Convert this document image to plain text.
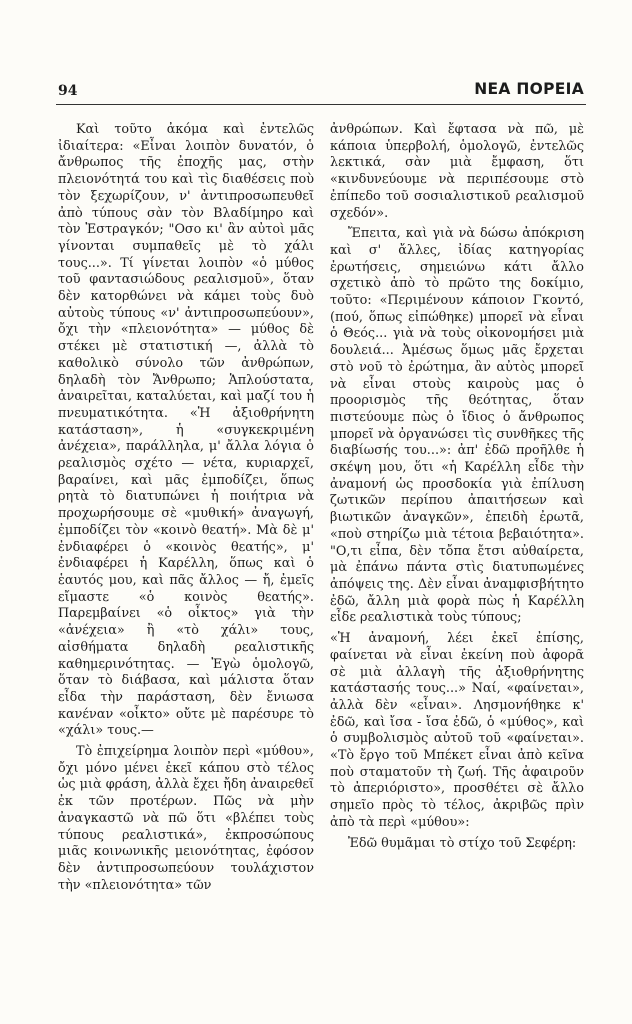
94	ΝΕΑ ΠΟΡΕΙΑ

Καὶ τοῦτο ἀκόμα καὶ ἐντελῶς ἰδιαίτερα: «Εἶναι λοιπὸν δυνατόν, ὁ ἄνθρωπος τῆς ἐποχῆς μας, στὴν πλειονότητά του καὶ τὶς διαθέσεις ποὺ τὸν ξεχωρίζουν, ν' ἀντιπροσωπευθεῖ ἀπὸ τύπους σὰν τὸν Βλαδίμηρο καὶ τὸν Ἐστραγκόν; "Οσο κι' ἂν αὐτοὶ μᾶς γίνονται συμπαθεῖς μὲ τὸ χάλι τους...». Τί γίνεται λοιπὸν «ὁ μύθος τοῦ φαντασιώδους ρεαλισμοῦ», ὅταν δὲν κατορθώνει νὰ κάμει τοὺς δυὸ αὐτοὺς τύπους «ν' ἀντιπροσωπεύουν», ὄχι τὴν «πλειονότητα» — μύθος δὲ στέκει μὲ στατιστική —, ἀλλὰ τὸ καθολικὸ σύνολο τῶν ἀνθρώπων, δηλαδὴ τὸν Ἄνθρωπο; Ἁπλούστατα, ἀναιρεῖται, καταλύεται, καὶ μαζί του ἡ πνευματικότητα. «Ἡ ἀξιοθρήνητη κατάσταση», ἡ «συγκεκριμένη ἀνέχεια», παράλληλα, μ' ἄλλα λόγια ὁ ρεαλισμὸς σχέτο — νέτα, κυριαρχεῖ, βαραίνει, καὶ μᾶς ἐμποδίζει, ὅπως ρητὰ τὸ διατυπώνει ἡ ποιήτρια νὰ προχωρήσουμε σὲ «μυθική» ἀναγωγή, ἐμποδίζει τὸν «κοινὸ θεατή». Μὰ δὲ μ' ἐνδιαφέρει ὁ «κοινὸς θεατής», μ' ἐνδιαφέρει ἡ Καρέλλη, ὅπως καὶ ὁ ἑαυτός μου, καὶ πᾶς ἄλλος — ἤ, ἐμεῖς εἴμαστε «ὁ κοινὸς θεατής». Παρεμβαίνει «ὁ οἶκτος» γιὰ τὴν «ἀνέχεια» ἢ «τὸ χάλι» τους, αἰσθήματα δηλαδὴ ρεαλιστικῆς καθημερινότητας. — Ἐγὼ ὁμολογῶ, ὅταν τὸ διάβασα, καὶ μάλιστα ὅταν εἶδα τὴν παράσταση, δὲν ἔνιωσα κανέναν «οἶκτο» οὔτε μὲ παρέσυρε τὸ «χάλι» τους.—

Τὸ ἐπιχείρημα λοιπὸν περὶ «μύθου», ὄχι μόνο μένει ἐκεῖ κάπου στὸ τέλος ὡς μιὰ φράση, ἀλλὰ ἔχει ἤδη ἀναιρεθεῖ ἐκ τῶν προτέρων. Πῶς νὰ μὴν ἀναγκαστῶ νὰ πῶ ὅτι «βλέπει τοὺς τύπους ρεαλιστικά», ἐκπροσώπους μιᾶς κοινωνικῆς μειονότητας, ἐφόσον δὲν ἀντιπροσωπεύουν τουλάχιστον τὴν «πλειονότητα» τῶν

ἀνθρώπων. Καὶ ἔφτασα νὰ πῶ, μὲ κάποια ὑπερβολή, ὁμολογῶ, ἐντελῶς λεκτικά, σὰν μιὰ ἔμφαση, ὅτι «κινδυνεύουμε νὰ περιπέσουμε στὸ ἐπίπεδο τοῦ σοσιαλιστικοῦ ρεαλισμοῦ σχεδόν».

Ἔπειτα, καὶ γιὰ νὰ δώσω ἀπόκριση καὶ σ' ἄλλες, ἰδίας κατηγορίας ἐρωτήσεις, σημειώνω κάτι ἄλλο σχετικὸ ἀπὸ τὸ πρῶτο της δοκίμιο, τοῦτο: «Περιμένουν κάποιον Γκοντό, (πού, ὅπως εἰπώθηκε) μπορεῖ νὰ εἶναι ὁ Θεός... γιὰ νὰ τοὺς οἰκονομήσει μιὰ δουλειά... Ἀμέσως ὅμως μᾶς ἔρχεται στὸ νοῦ τὸ ἐρώτημα, ἂν αὐτὸς μπορεῖ νὰ εἶναι στοὺς καιροὺς μας ὁ προορισμὸς τῆς θεότητας, ὅταν πιστεύουμε πὼς ὁ ἴδιος ὁ ἄνθρωπος μπορεῖ νὰ ὀργανώσει τὶς συνθῆκες τῆς διαβίωσής του...»: ἀπ' ἐδῶ προῆλθε ἡ σκέψη μου, ὅτι «ἡ Καρέλλη εἶδε τὴν ἀναμονή ὡς προσδοκία γιὰ ἐπίλυση ζωτικῶν περίπου ἀπαιτήσεων καὶ βιωτικῶν ἀναγκῶν», ἐπειδὴ ἐρωτᾶ, «ποὺ στηρίζω μιὰ τέτοια βεβαιότητα». "Ο,τι εἶπα, δὲν τὄπα ἔτσι αὐθαίρετα, μὰ ἐπάνω πάντα στὶς διατυπωμένες ἀπόψεις της. Δὲν εἶναι ἀναμφισβήτητο ἐδῶ, ἄλλη μιὰ φορὰ πὼς ἡ Καρέλλη εἶδε ρεαλιστικὰ τοὺς τύπους;

«Ἡ ἀναμονή, λέει ἐκεῖ ἐπίσης, φαίνεται νὰ εἶναι ἐκείνη ποὺ ἀφορᾶ σὲ μιὰ ἀλλαγὴ τῆς ἀξιοθρήνητης κατάστασής τους...» Ναί, «φαίνεται», ἀλλὰ δὲν «εἶναι». Λησμονήθηκε κ' ἐδῶ, καὶ ἴσα - ἴσα ἐδῶ, ὁ «μύθος», καὶ ὁ συμβολισμὸς αὐτοῦ τοῦ «φαίνεται». «Τὸ ἔργο τοῦ Μπέκετ εἶναι ἀπὸ κεῖνα ποὺ σταματοῦν τὴ ζωή. Τῆς ἀφαιροῦν τὸ ἀπεριόριστο», προσθέτει σὲ ἄλλο σημεῖο πρὸς τὸ τέλος, ἀκριβῶς πρὶν ἀπὸ τὰ περὶ «μύθου»:

Ἐδῶ θυμᾶμαι τὸ στίχο τοῦ Σεφέρη:
